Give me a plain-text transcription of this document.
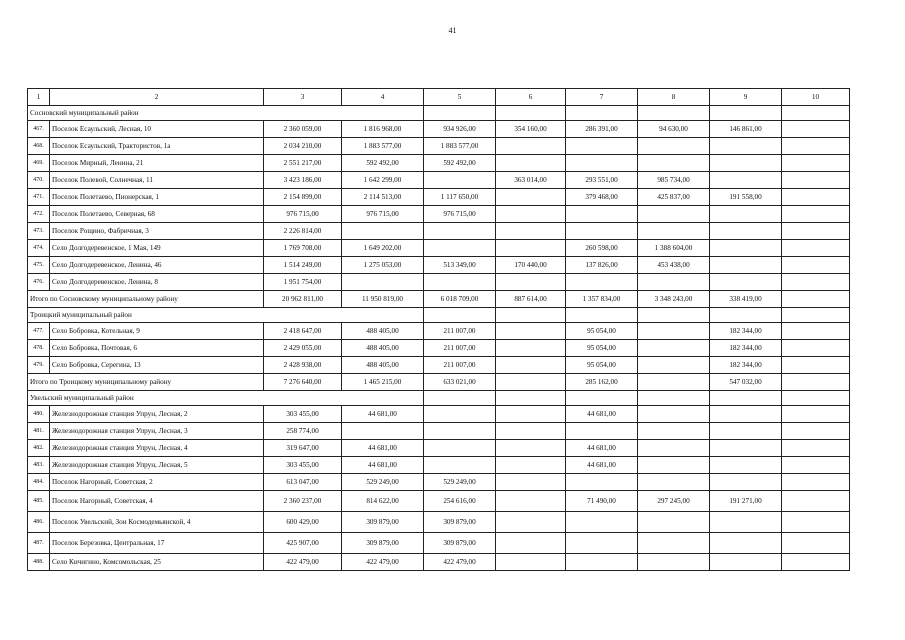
41
1	2	3	4	5	6	7	8	9	10
Сосновский муниципальный район									
467.	Поселок Есаульский, Лесная, 10	2 360 059,00	1 816 968,00	934 926,00	354 160,00	286 391,00	94 630,00	146 861,00	
468.	Поселок Есаульский, Трактористов, 1а	2 034 210,00	1 883 577,00	1 883 577,00					
469.	Поселок Мирный, Ленина, 21	2 551 217,00	592 492,00	592 492,00					
470.	Поселок Полевой, Солнечная, 11	3 423 186,00	1 642 299,00		363 014,00	293 551,00	985 734,00		
471.	Поселок Полетаево, Пионерская, 1	2 154 899,00	2 114 513,00	1 117 650,00		379 468,00	425 837,00	191 558,00	
472.	Поселок Полетаево, Северная, 68	976 715,00	976 715,00	976 715,00					
473.	Поселок Рощино, Фабричная, 3	2 226 814,00							
474.	Село Долгодеревенское, 1 Мая, 149	1 769 708,00	1 649 202,00			260 598,00	1 388 604,00		
475.	Село Долгодеревенское, Ленина, 46	1 514 249,00	1 275 053,00	513 349,00	170 440,00	137 826,00	453 438,00		
476.	Село Долгодеревенское, Ленина, 8	1 951 754,00							
Итого по Сосновскому муниципальному району		20 962 811,00	11 950 819,00	6 018 709,00	887 614,00	1 357 834,00	3 348 243,00	338 419,00	
Троицкий муниципальный район									
477.	Село Бобровка, Котельная, 9	2 418 647,00	488 405,00	211 007,00		95 054,00		182 344,00	
478.	Село Бобровка, Почтовая, 6	2 429 055,00	488 405,00	211 007,00		95 054,00		182 344,00	
479.	Село Бобровка, Серегина, 13	2 428 938,00	488 405,00	211 007,00		95 054,00		182 344,00	
Итого по Троицкому муниципальному району		7 276 640,00	1 465 215,00	633 021,00		285 162,00		547 032,00	
Увельский муниципальный район									
480.	Железнодорожная станция Упрун, Лесная, 2	303 455,00	44 681,00			44 681,00			
481.	Железнодорожная станция Упрун, Лесная, 3	258 774,00							
482.	Железнодорожная станция Упрун, Лесная, 4	319 647,00	44 681,00			44 681,00			
483.	Железнодорожная станция Упрун, Лесная, 5	303 455,00	44 681,00			44 681,00			
484.	Поселок Нагорный, Советская, 2	613 047,00	529 249,00	529 249,00					
485.	Поселок Нагорный, Советская, 4	2 360 237,00	814 622,00	254 616,00		71 490,00	297 245,00	191 271,00	
486.	Поселок Увельский, Зои Космодемьянской, 4	600 429,00	309 879,00	309 879,00					
487.	Поселок Березовка, Центральная, 17	425 907,00	309 879,00	309 879,00					
488.	Село Кичигино, Комсомольская, 25	422 479,00	422 479,00	422 479,00					
